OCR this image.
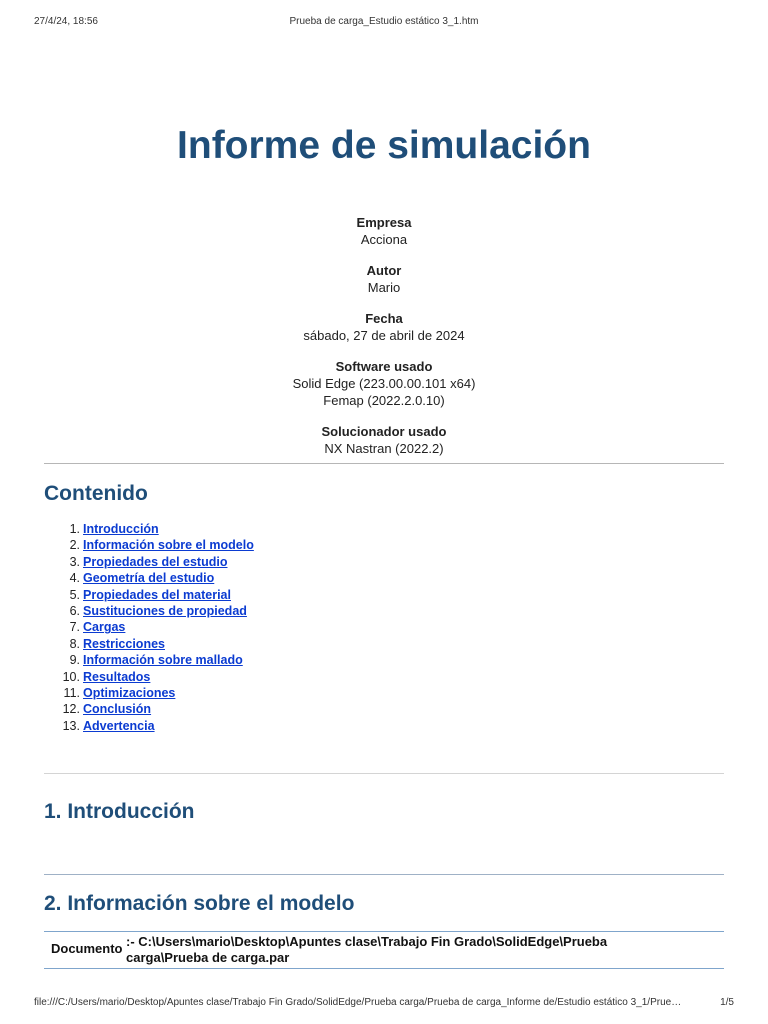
27/4/24, 18:56	Prueba de carga_Estudio estático 3_1.htm
Informe de simulación
Empresa
Acciona
Autor
Mario
Fecha
sábado, 27 de abril de 2024
Software usado
Solid Edge (223.00.00.101 x64)
Femap (2022.2.0.10)
Solucionador usado
NX Nastran (2022.2)
Contenido
1. Introducción
2. Información sobre el modelo
3. Propiedades del estudio
4. Geometría del estudio
5. Propiedades del material
6. Sustituciones de propiedad
7. Cargas
8. Restricciones
9. Información sobre mallado
10. Resultados
11. Optimizaciones
12. Conclusión
13. Advertencia
1. Introducción
2. Información sobre el modelo
Documento :- C:\Users\mario\Desktop\Apuntes clase\Trabajo Fin Grado\SolidEdge\Prueba carga\Prueba de carga.par
file:///C:/Users/mario/Desktop/Apuntes clase/Trabajo Fin Grado/SolidEdge/Prueba carga/Prueba de carga_Informe de/Estudio estático 3_1/Prue…	1/5
